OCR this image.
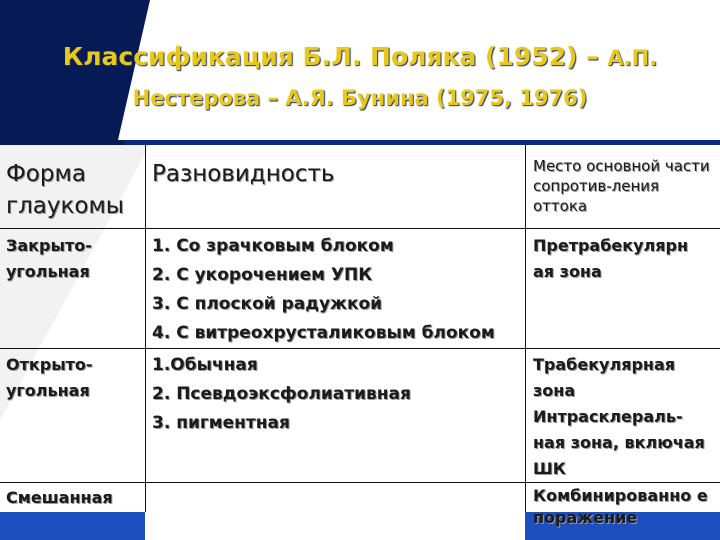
Классификация Б.Л. Поляка (1952) – А.П.
Нестерова – А.Я. Бунина (1975, 1976)
Форма глаукомы
Разновидность	Место основной части сопротив-ления оттока
Закрыто-угольная
1. Со зрачковым блоком
2. С укорочением УПК
3. С плоской радужкой
4. С витреохрусталиковым блоком
Претрабекулярн ая зона
Открыто-угольная
1.Обычная
2. Псевдоэксфолиативная
3. пигментная
Трабекулярная зона
Интрасклераль-ная зона, включая ШК
Смешанная	Комбинированно е поражение
